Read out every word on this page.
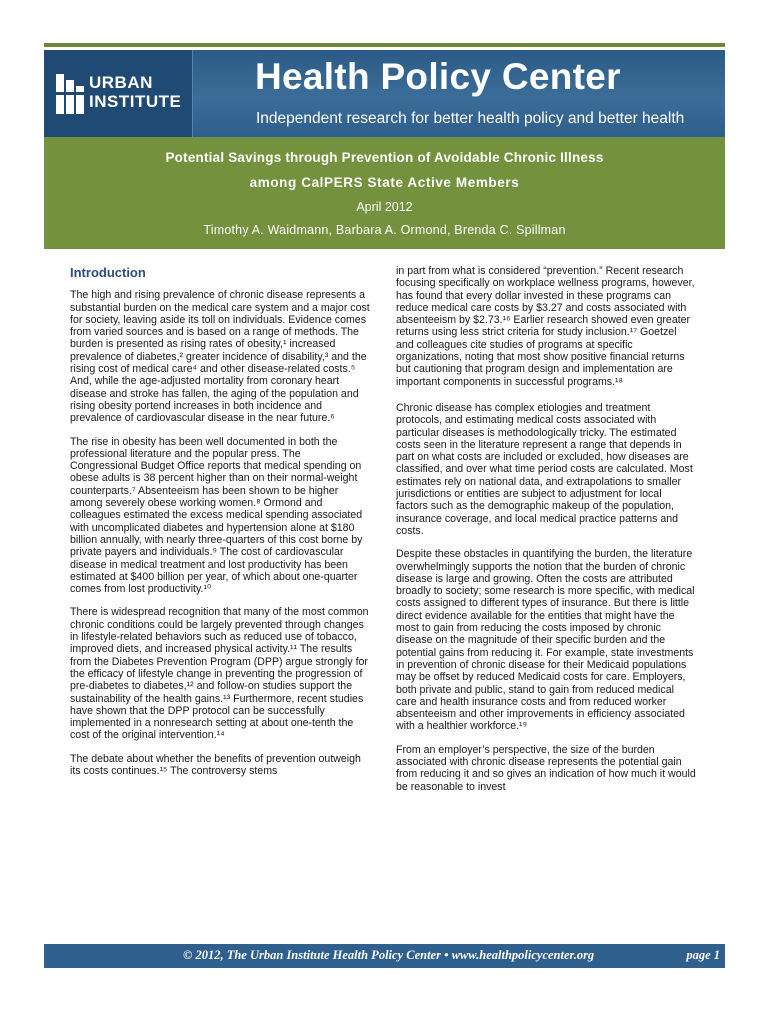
URBAN
INSTITUTE
Health Policy Center
Independent research for better health policy and better health
Potential Savings through Prevention of Avoidable Chronic Illness
among CalPERS State Active Members
April 2012
Timothy A. Waidmann, Barbara A. Ormond, Brenda C. Spillman
Introduction

The high and rising prevalence of chronic disease represents a substantial burden on the medical care system and a major cost for society, leaving aside its toll on individuals. Evidence comes from varied sources and is based on a range of methods. The burden is presented as rising rates of obesity,¹ increased prevalence of diabetes,² greater incidence of disability,³ and the rising cost of medical care⁴ and other disease-related costs.⁵ And, while the age-adjusted mortality from coronary heart disease and stroke has fallen, the aging of the population and rising obesity portend increases in both incidence and prevalence of cardiovascular disease in the near future.⁶

The rise in obesity has been well documented in both the professional literature and the popular press. The Congressional Budget Office reports that medical spending on obese adults is 38 percent higher than on their normal-weight counterparts.⁷ Absenteeism has been shown to be higher among severely obese working women.⁸ Ormond and colleagues estimated the excess medical spending associated with uncomplicated diabetes and hypertension alone at $180 billion annually, with nearly three-quarters of this cost borne by private payers and individuals.⁹ The cost of cardiovascular disease in medical treatment and lost productivity has been estimated at $400 billion per year, of which about one-quarter comes from lost productivity.¹⁰

There is widespread recognition that many of the most common chronic conditions could be largely prevented through changes in lifestyle-related behaviors such as reduced use of tobacco, improved diets, and increased physical activity.¹¹ The results from the Diabetes Prevention Program (DPP) argue strongly for the efficacy of lifestyle change in preventing the progression of pre-diabetes to diabetes,¹² and follow-on studies support the sustainability of the health gains.¹³ Furthermore, recent studies have shown that the DPP protocol can be successfully implemented in a nonresearch setting at about one-tenth the cost of the original intervention.¹⁴

The debate about whether the benefits of prevention outweigh its costs continues.¹⁵ The controversy stems

in part from what is considered “prevention.” Recent research focusing specifically on workplace wellness programs, however, has found that every dollar invested in these programs can reduce medical care costs by $3.27 and costs associated with absenteeism by $2.73.¹⁶ Earlier research showed even greater returns using less strict criteria for study inclusion.¹⁷ Goetzel and colleagues cite studies of programs at specific organizations, noting that most show positive financial returns but cautioning that program design and implementation are important components in successful programs.¹⁸

Chronic disease has complex etiologies and treatment protocols, and estimating medical costs associated with particular diseases is methodologically tricky. The estimated costs seen in the literature represent a range that depends in part on what costs are included or excluded, how diseases are classified, and over what time period costs are calculated. Most estimates rely on national data, and extrapolations to smaller jurisdictions or entities are subject to adjustment for local factors such as the demographic makeup of the population, insurance coverage, and local medical practice patterns and costs.

Despite these obstacles in quantifying the burden, the literature overwhelmingly supports the notion that the burden of chronic disease is large and growing. Often the costs are attributed broadly to society; some research is more specific, with medical costs assigned to different types of insurance. But there is little direct evidence available for the entities that might have the most to gain from reducing the costs imposed by chronic disease on the magnitude of their specific burden and the potential gains from reducing it. For example, state investments in prevention of chronic disease for their Medicaid populations may be offset by reduced Medicaid costs for care. Employers, both private and public, stand to gain from reduced medical care and health insurance costs and from reduced worker absenteeism and other improvements in efficiency associated with a healthier workforce.¹⁹

From an employer’s perspective, the size of the burden associated with chronic disease represents the potential gain from reducing it and so gives an indication of how much it would be reasonable to invest

© 2012, The Urban Institute Health Policy Center • www.healthpolicycenter.org	page 1
